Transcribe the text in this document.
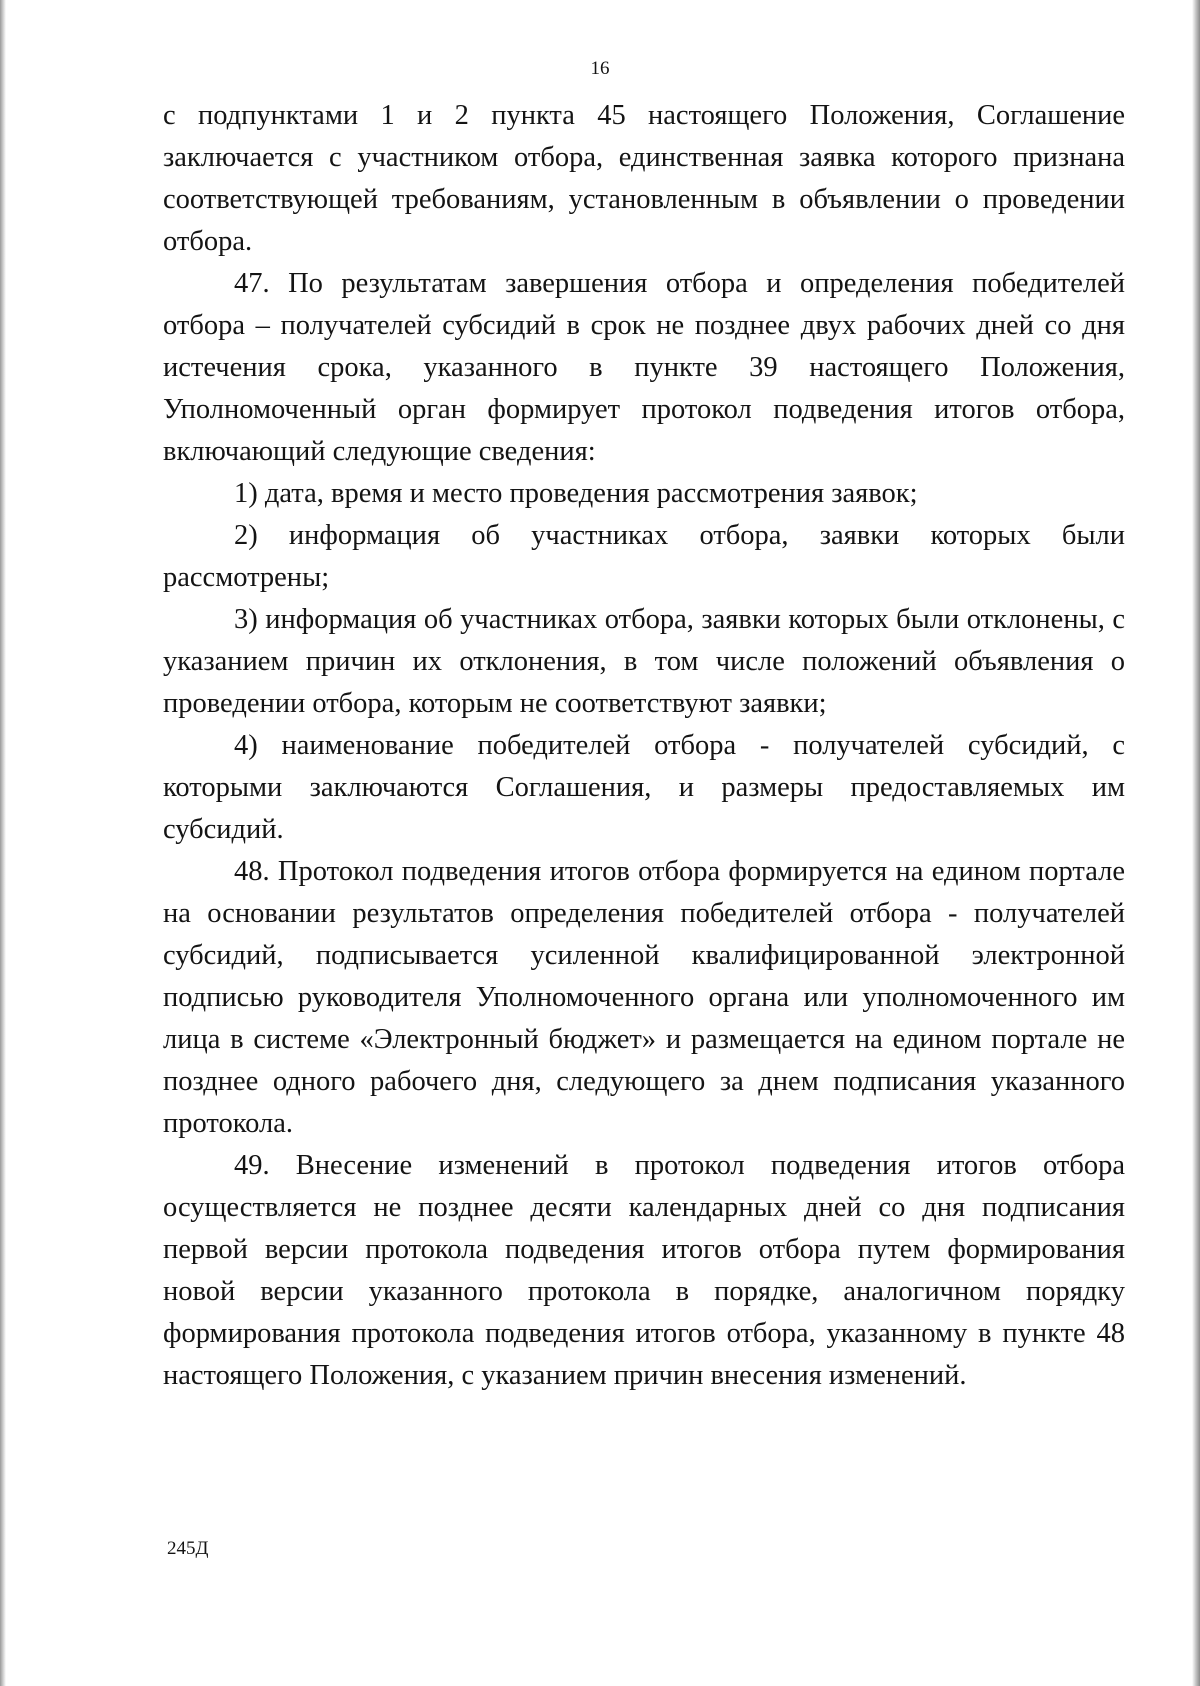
16

с подпунктами 1 и 2 пункта 45 настоящего Положения, Соглашение заключается с участником отбора, единственная заявка которого признана соответствующей требованиям, установленным в объявлении о проведении отбора.

47. По результатам завершения отбора и определения победителей отбора – получателей субсидий в срок не позднее двух рабочих дней со дня истечения срока, указанного в пункте 39 настоящего Положения, Уполномоченный орган формирует протокол подведения итогов отбора, включающий следующие сведения:

1) дата, время и место проведения рассмотрения заявок;

2) информация об участниках отбора, заявки которых были рассмотрены;

3) информация об участниках отбора, заявки которых были отклонены, с указанием причин их отклонения, в том числе положений объявления о проведении отбора, которым не соответствуют заявки;

4) наименование победителей отбора - получателей субсидий, с которыми заключаются Соглашения, и размеры предоставляемых им субсидий.

48. Протокол подведения итогов отбора формируется на едином портале на основании результатов определения победителей отбора - получателей субсидий, подписывается усиленной квалифицированной электронной подписью руководителя Уполномоченного органа или уполномоченного им лица в системе «Электронный бюджет» и размещается на едином портале не позднее одного рабочего дня, следующего за днем подписания указанного протокола.

49. Внесение изменений в протокол подведения итогов отбора осуществляется не позднее десяти календарных дней со дня подписания первой версии протокола подведения итогов отбора путем формирования новой версии указанного протокола в порядке, аналогичном порядку формирования протокола подведения итогов отбора, указанному в пункте 48 настоящего Положения, с указанием причин внесения изменений.

245Д
